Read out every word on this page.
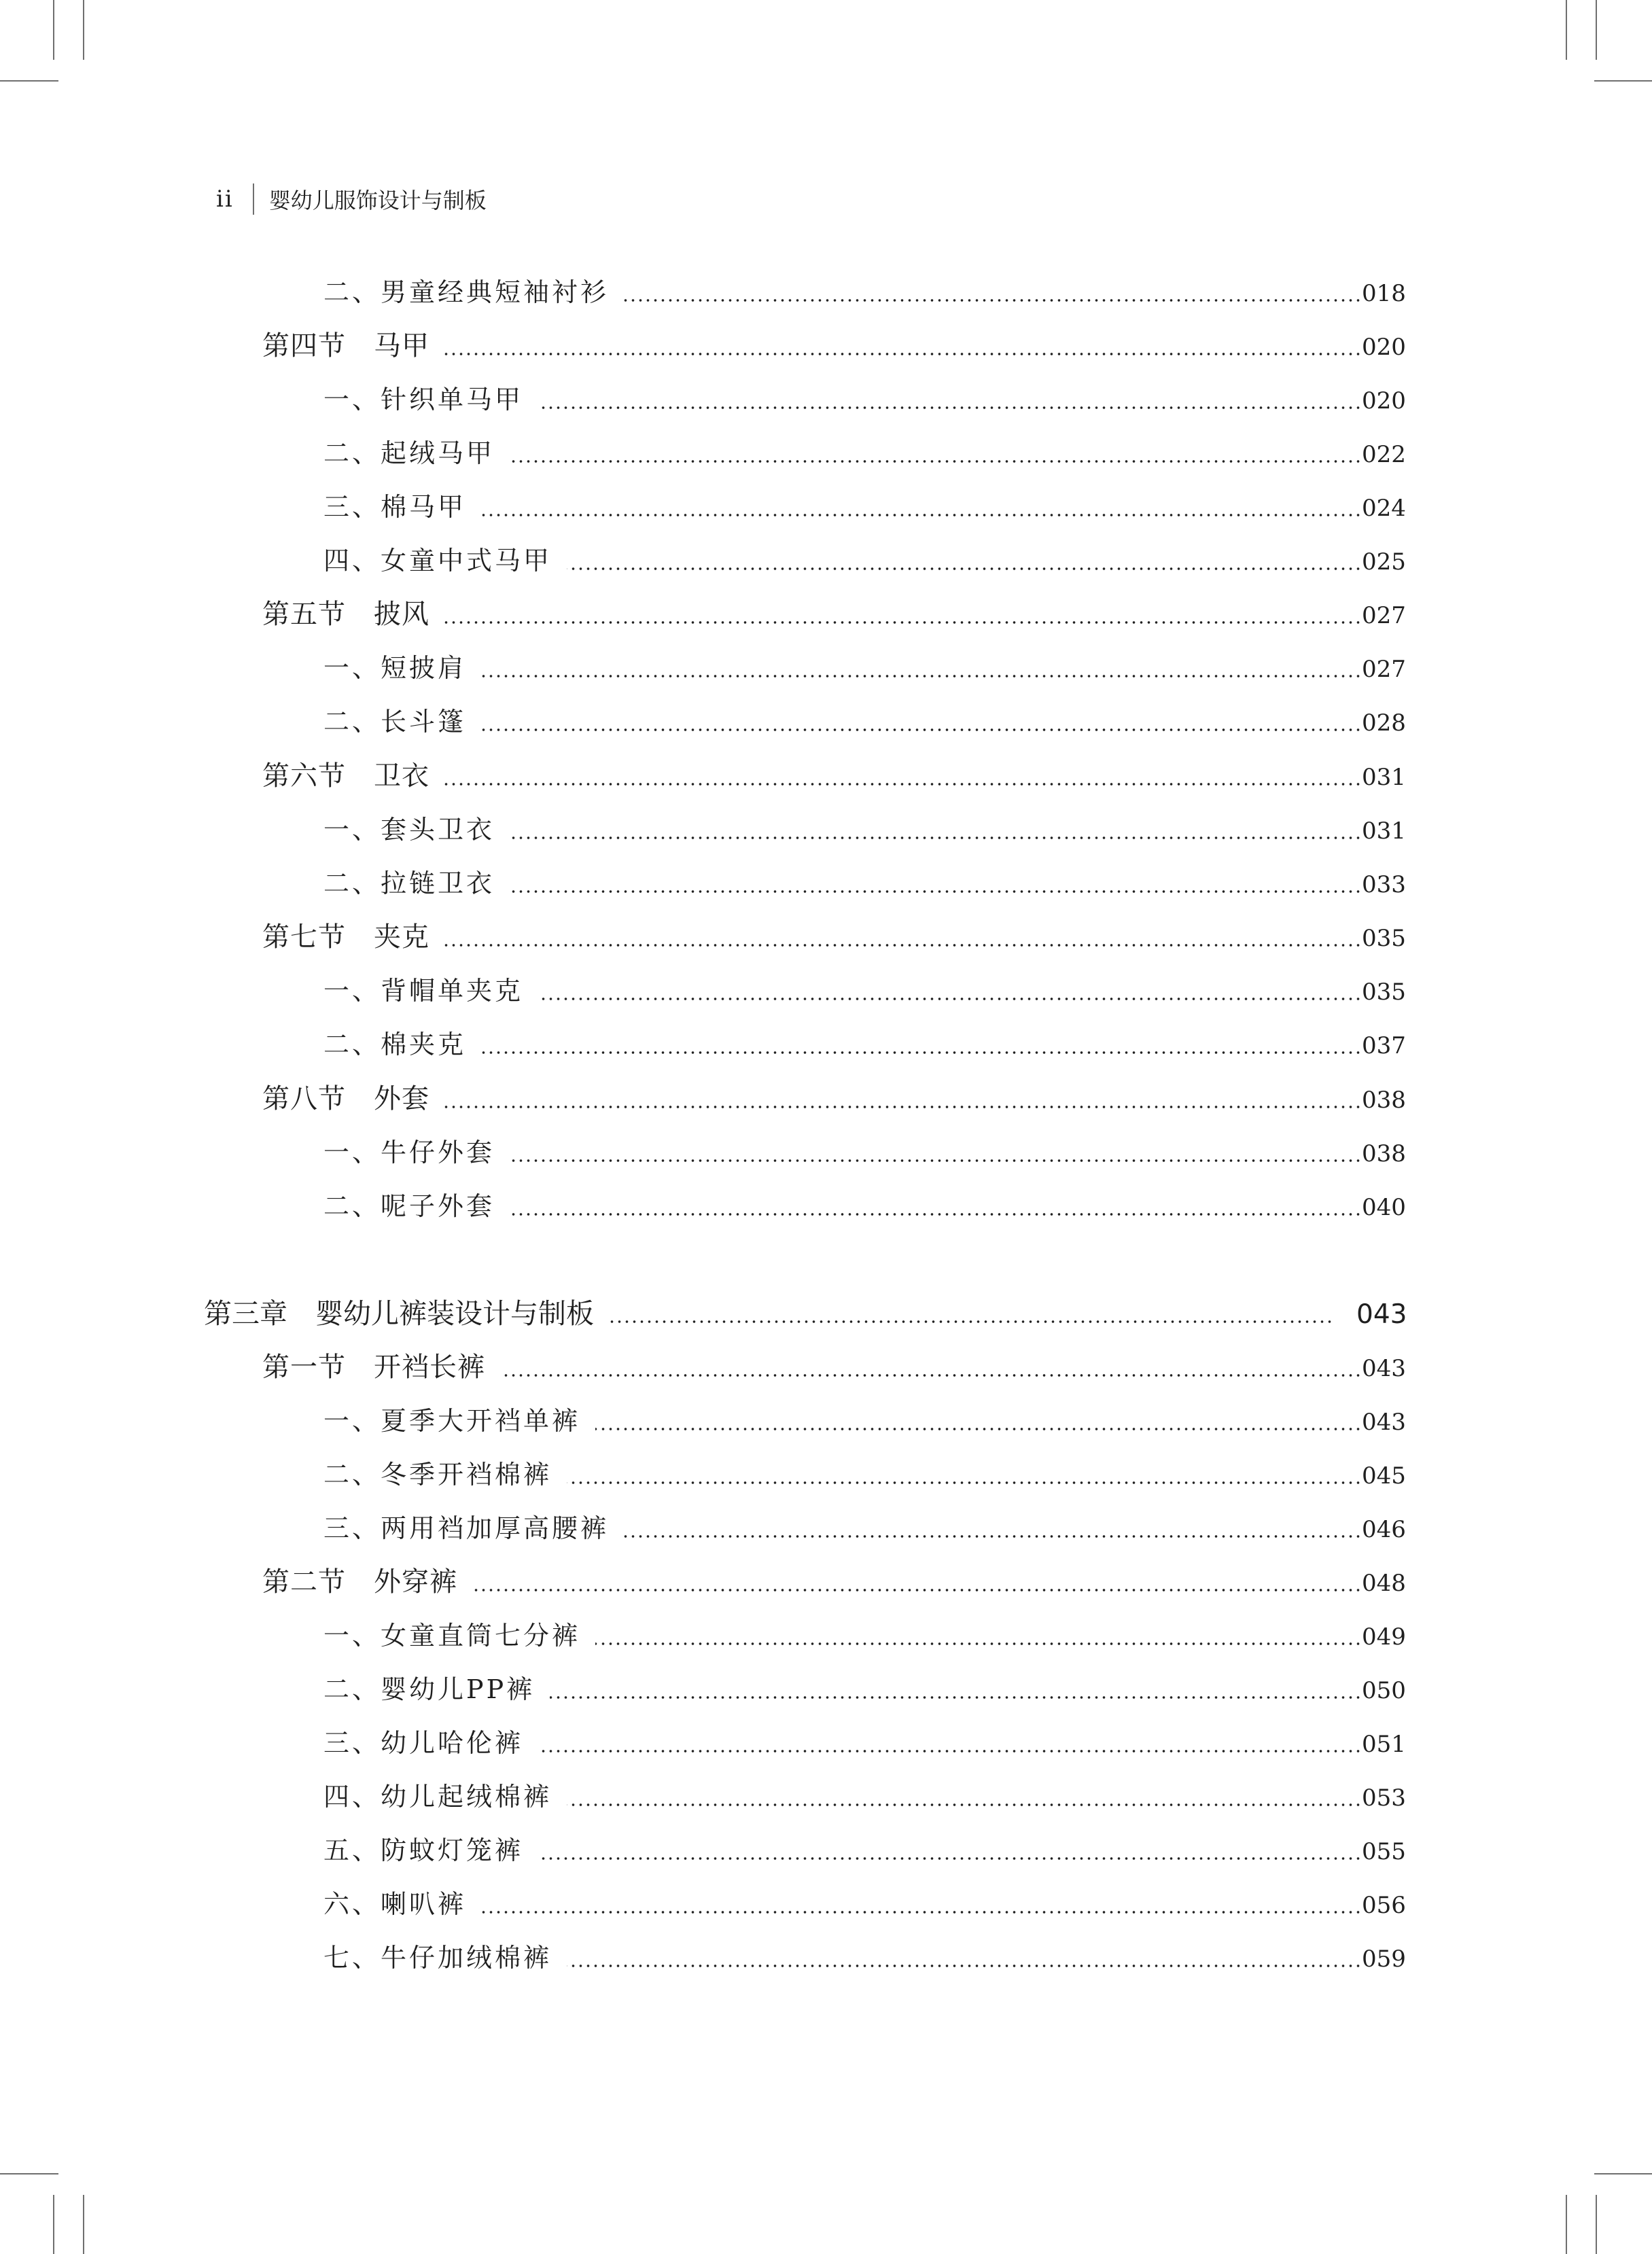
ii 婴幼儿服饰设计与制板
二、男童经典短袖衬衫	018
第四节　马甲	020
一、针织单马甲	020
二、起绒马甲	022
三、棉马甲	024
四、女童中式马甲	025
第五节　披风	027
一、短披肩	027
二、长斗篷	028
第六节　卫衣	031
一、套头卫衣	031
二、拉链卫衣	033
第七节　夹克	035
一、背帽单夹克	035
二、棉夹克	037
第八节　外套	038
一、牛仔外套	038
二、呢子外套	040
第三章　婴幼儿裤装设计与制板	043
第一节　开裆长裤	043
一、夏季大开裆单裤	043
二、冬季开裆棉裤	045
三、两用裆加厚高腰裤	046
第二节　外穿裤	048
一、女童直筒七分裤	049
二、婴幼儿PP裤	050
三、幼儿哈伦裤	051
四、幼儿起绒棉裤	053
五、防蚊灯笼裤	055
六、喇叭裤	056
七、牛仔加绒棉裤	059
